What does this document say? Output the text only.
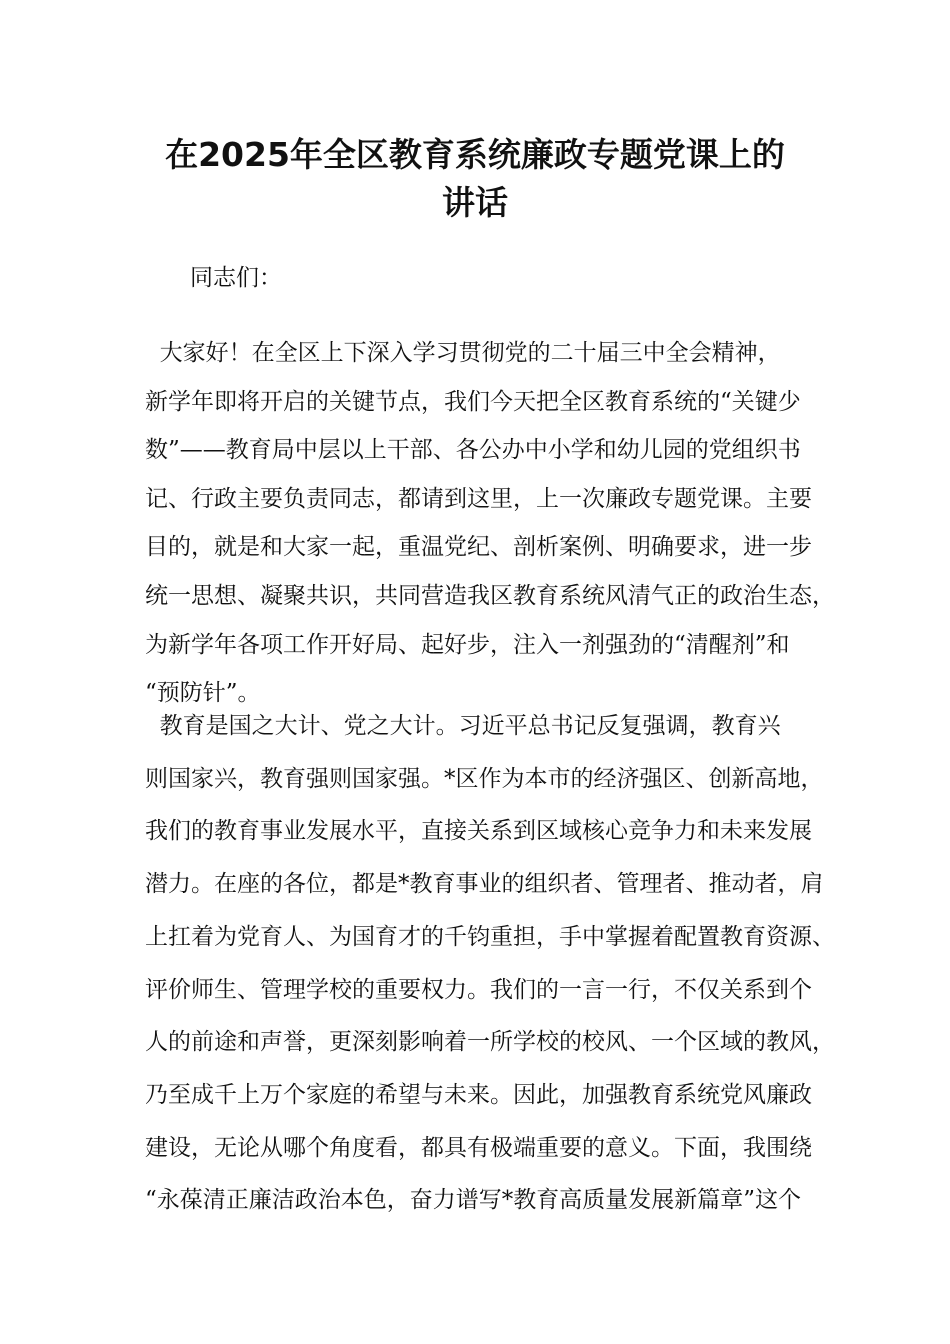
在2025年全区教育系统廉政专题党课上的
讲话
同志们：
大家好！在全区上下深入学习贯彻党的二十届三中全会精神，
新学年即将开启的关键节点，我们今天把全区教育系统的“关键少
数”——教育局中层以上干部、各公办中小学和幼儿园的党组织书
记、行政主要负责同志，都请到这里，上一次廉政专题党课。主要
目的，就是和大家一起，重温党纪、剖析案例、明确要求，进一步
统一思想、凝聚共识，共同营造我区教育系统风清气正的政治生态，
为新学年各项工作开好局、起好步，注入一剂强劲的“清醒剂”和
“预防针”。
教育是国之大计、党之大计。习近平总书记反复强调，教育兴
则国家兴，教育强则国家强。*区作为本市的经济强区、创新高地，
我们的教育事业发展水平，直接关系到区域核心竞争力和未来发展
潜力。在座的各位，都是*教育事业的组织者、管理者、推动者，肩
上扛着为党育人、为国育才的千钧重担，手中掌握着配置教育资源、
评价师生、管理学校的重要权力。我们的一言一行，不仅关系到个
人的前途和声誉，更深刻影响着一所学校的校风、一个区域的教风，
乃至成千上万个家庭的希望与未来。因此，加强教育系统党风廉政
建设，无论从哪个角度看，都具有极端重要的意义。下面，我围绕
“永葆清正廉洁政治本色，奋力谱写*教育高质量发展新篇章”这个
